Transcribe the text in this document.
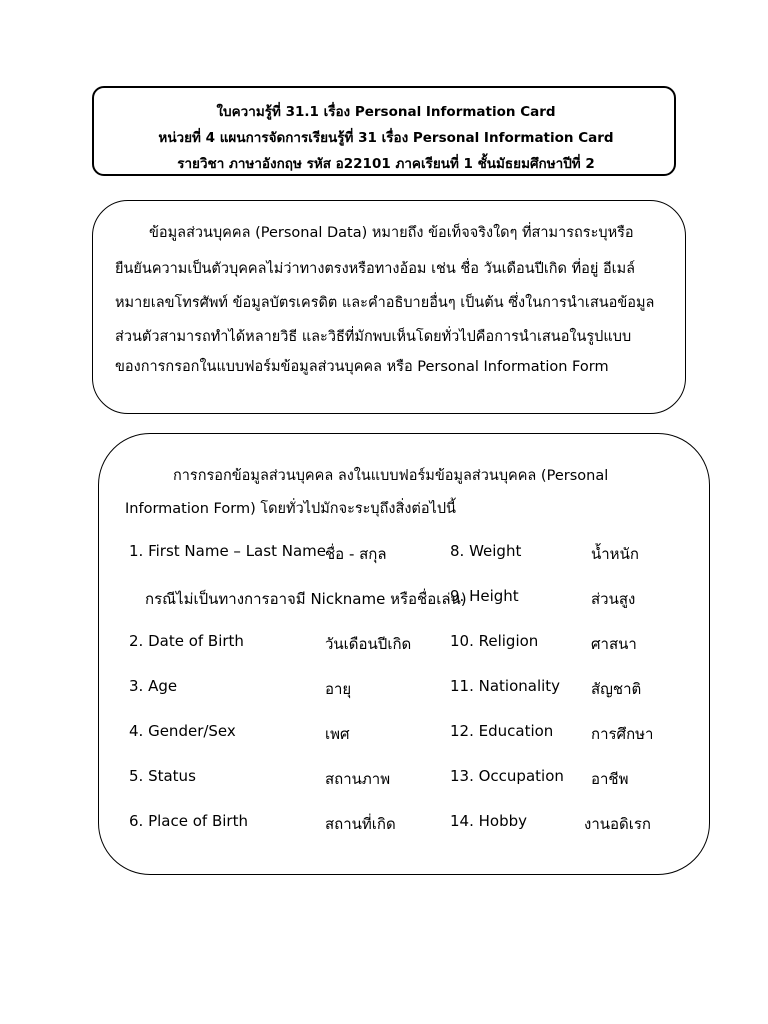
ใบความรู้ที่ 31.1 เรื่อง Personal Information Card
หน่วยที่ 4 แผนการจัดการเรียนรู้ที่ 31 เรื่อง Personal Information Card
รายวิชา ภาษาอังกฤษ รหัส อ22101 ภาคเรียนที่ 1 ชั้นมัธยมศึกษาปีที่ 2
ข้อมูลส่วนบุคคล (Personal Data) หมายถึง ข้อเท็จจริงใดๆ ที่สามารถระบุหรือ
ยืนยันความเป็นตัวบุคคลไม่ว่าทางตรงหรือทางอ้อม เช่น ชื่อ วันเดือนปีเกิด ที่อยู่ อีเมล์
หมายเลขโทรศัพท์ ข้อมูลบัตรเครดิต และคำอธิบายอื่นๆ เป็นต้น ซึ่งในการนำเสนอข้อมูล
ส่วนตัวสามารถทำได้หลายวิธี และวิธีที่มักพบเห็นโดยทั่วไปคือการนำเสนอในรูปแบบ
ของการกรอกในแบบฟอร์มข้อมูลส่วนบุคคล หรือ Personal Information Form
การกรอกข้อมูลส่วนบุคคล ลงในแบบฟอร์มข้อมูลส่วนบุคคล (Personal
Information Form) โดยทั่วไปมักจะระบุถึงสิ่งต่อไปนี้
1. First Name – Last Name ชื่อ - สกุล	8. Weight	น้ำหนัก
กรณีไม่เป็นทางการอาจมี Nickname หรือชื่อเล่น)
9. Height	ส่วนสูง
2. Date of Birth	วันเดือนปีเกิด	10. Religion	ศาสนา
3. Age	อายุ	11. Nationality สัญชาติ
4. Gender/Sex	เพศ	12. Education	การศึกษา
5. Status	สถานภาพ	13. Occupation อาชีพ
6. Place of Birth	สถานที่เกิด	14. Hobby	งานอดิเรก
